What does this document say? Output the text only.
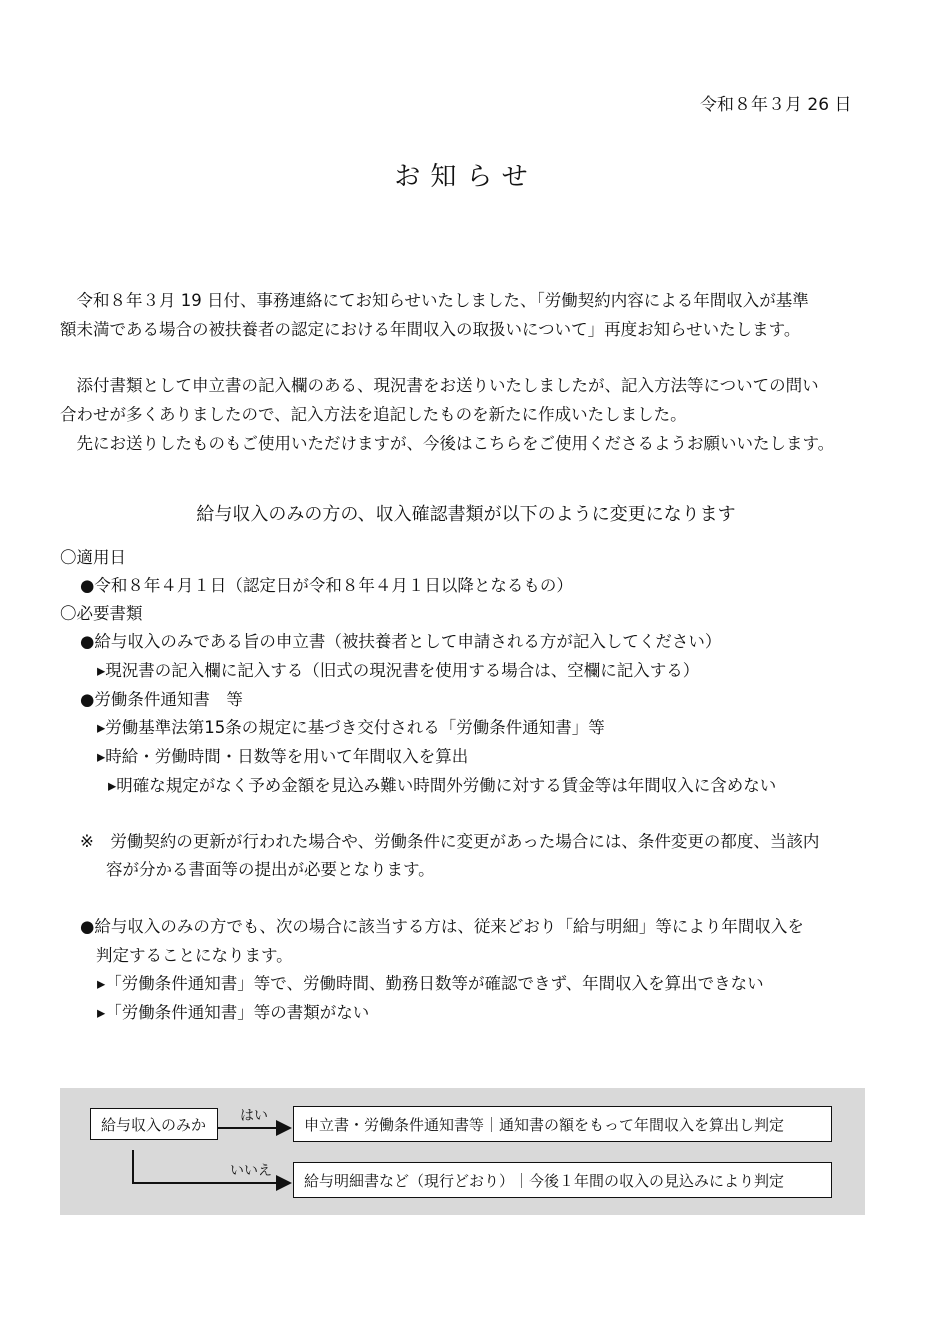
令和８年３月 26 日
お知らせ
　令和８年３月 19 日付、事務連絡にてお知らせいたしました、「労働契約内容による年間収入が基準
額未満である場合の被扶養者の認定における年間収入の取扱いについて」再度お知らせいたします。
　添付書類として申立書の記入欄のある、現況書をお送りいたしましたが、記入方法等についての問い
合わせが多くありましたので、記入方法を追記したものを新たに作成いたしました。
　先にお送りしたものもご使用いただけますが、今後はこちらをご使用くださるようお願いいたします。
給与収入のみの方の、収入確認書類が以下のように変更になります
〇適用日
●令和８年４月１日（認定日が令和８年４月１日以降となるもの）
〇必要書類
●給与収入のみである旨の申立書（被扶養者として申請される方が記入してください）
▸現況書の記入欄に記入する（旧式の現況書を使用する場合は、空欄に記入する）
●労働条件通知書　等
▸労働基準法第15条の規定に基づき交付される「労働条件通知書」等
▸時給・労働時間・日数等を用いて年間収入を算出
▸明確な規定がなく予め金額を見込み難い時間外労働に対する賃金等は年間収入に含めない
※　労働契約の更新が行われた場合や、労働条件に変更があった場合には、条件変更の都度、当該内
容が分かる書面等の提出が必要となります。
●給与収入のみの方でも、次の場合に該当する方は、従来どおり「給与明細」等により年間収入を
判定することになります。
▸「労働条件通知書」等で、労働時間、勤務日数等が確認できず、年間収入を算出できない
▸「労働条件通知書」等の書類がない
給与収入のみか はい
いいえ
申立書・労働条件通知書等｜通知書の額をもって年間収入を算出し判定
給与明細書など（現行どおり）｜今後１年間の収入の見込みにより判定
